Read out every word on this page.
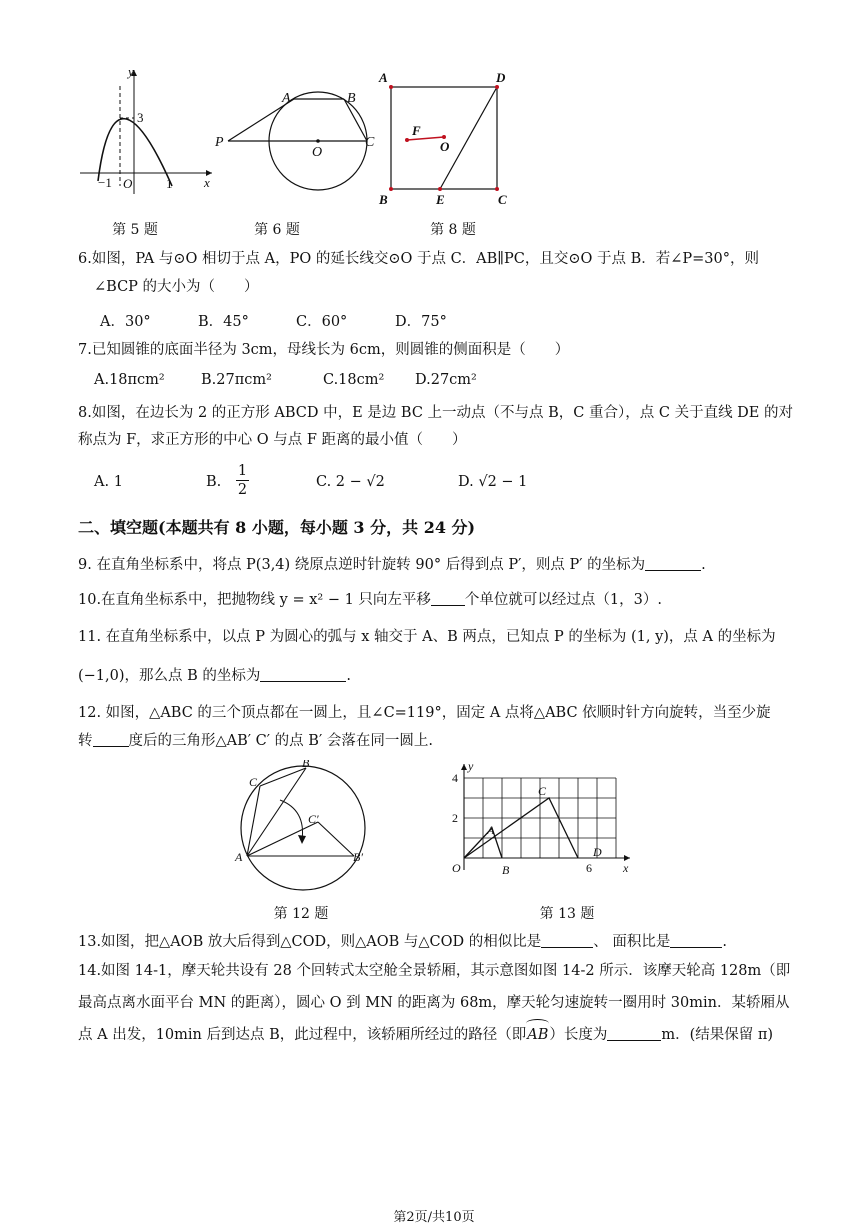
y
x
3
−1 O	1
第 5 题
A	B
C
P
O
第 6 题
A	D
B	C
E
F
O
第 8 题
6.如图，PA 与⊙O 相切于点 A，PO 的延长线交⊙O 于点 C．AB∥PC，且交⊙O 于点 B．若∠P=30°，则
∠BCP 的大小为（　　）
A．30°	B．45°	C．60°	D．75°
7.已知圆锥的底面半径为 3cm，母线长为 6cm，则圆锥的侧面积是（　　）
A.18πcm²	B.27πcm²	C.18cm² D.27cm²
8.如图，在边长为 2 的正方形 ABCD 中，E 是边 BC 上一动点（不与点 B，C 重合），点 C 关于直线 DE 的对
称点为 F，求正方形的中心 O 与点 F 距离的最小值（　　）
A. 1	B. $\frac{1}{2}$	C. 2 − √2	D. √2 − 1
二、填空题(本题共有 8 小题，每小题 3 分，共 24 分)
9. 在直角坐标系中，将点 P(3,4) 绕原点逆时针旋转 90° 后得到点 P′，则点 P′ 的坐标为	.
10.在直角坐标系中，把抛物线 y = x² − 1 只向左平移 个单位就可以经过点（1，3）.
11. 在直角坐标系中，以点 P 为圆心的弧与 x 轴交于 A、B 两点，已知点 P 的坐标为 (1, y)，点 A 的坐标为
(−1,0)，那么点 B 的坐标为	.
12. 如图，△ABC 的三个顶点都在一圆上，且∠C=119°，固定 A 点将△ABC 依顺时针方向旋转，当至少旋
转 度后的三角形△AB′ C′ 的点 B′ 会落在同一圆上.
B
C
C′
A	B′
第 12 题
y
x
4
2
6
O
A
B
C
D
第 13 题
13.如图，把△AOB 放大后得到△COD，则△AOB 与△COD 的相似比是	、 面积比是	.
14.如图 14-1，摩天轮共设有 28 个回转式太空舱全景轿厢，其示意图如图 14-2 所示．该摩天轮高 128m（即
最高点离水面平台 MN 的距离），圆心 O 到 MN 的距离为 68m，摩天轮匀速旋转一圈用时 30min．某轿厢从
点 A 出发，10min 后到达点 B，此过程中，该轿厢所经过的路径（即
AB）长度为	m．(结果保留 π)
第2页/共10页
